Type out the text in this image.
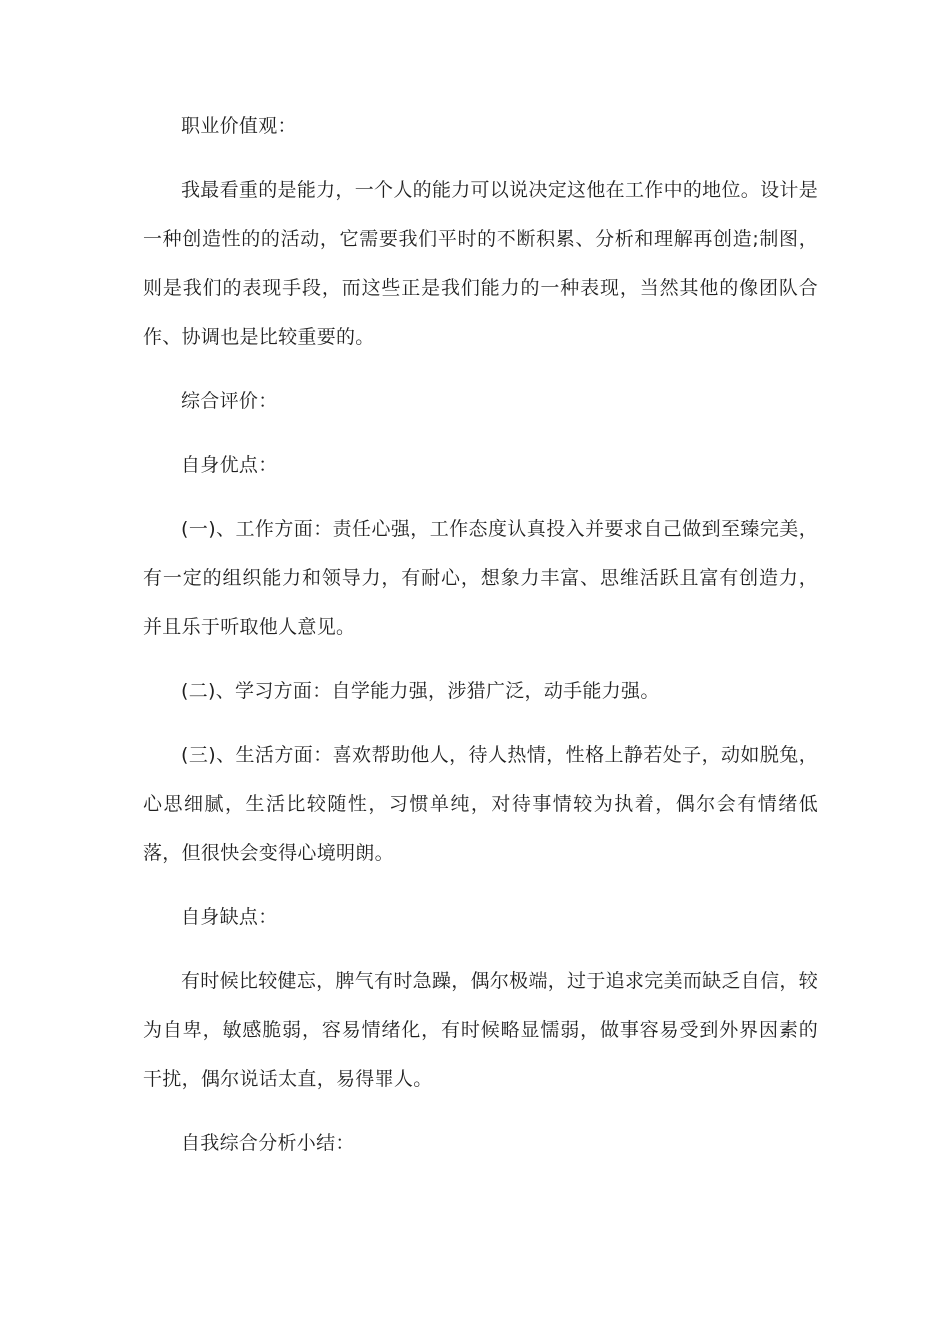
职业价值观：

我最看重的是能力，一个人的能力可以说决定这他在工作中的地位。设计是一种创造性的的活动，它需要我们平时的不断积累、分析和理解再创造;制图，则是我们的表现手段，而这些正是我们能力的一种表现，当然其他的像团队合作、协调也是比较重要的。

综合评价：

自身优点：

(一)、工作方面：责任心强，工作态度认真投入并要求自己做到至臻完美，有一定的组织能力和领导力，有耐心，想象力丰富、思维活跃且富有创造力，并且乐于听取他人意见。

(二)、学习方面：自学能力强，涉猎广泛，动手能力强。

(三)、生活方面：喜欢帮助他人，待人热情，性格上静若处子，动如脱兔，心思细腻，生活比较随性，习惯单纯，对待事情较为执着，偶尔会有情绪低落，但很快会变得心境明朗。

自身缺点：

有时候比较健忘，脾气有时急躁，偶尔极端，过于追求完美而缺乏自信，较为自卑，敏感脆弱，容易情绪化，有时候略显懦弱，做事容易受到外界因素的干扰，偶尔说话太直，易得罪人。

自我综合分析小结：
